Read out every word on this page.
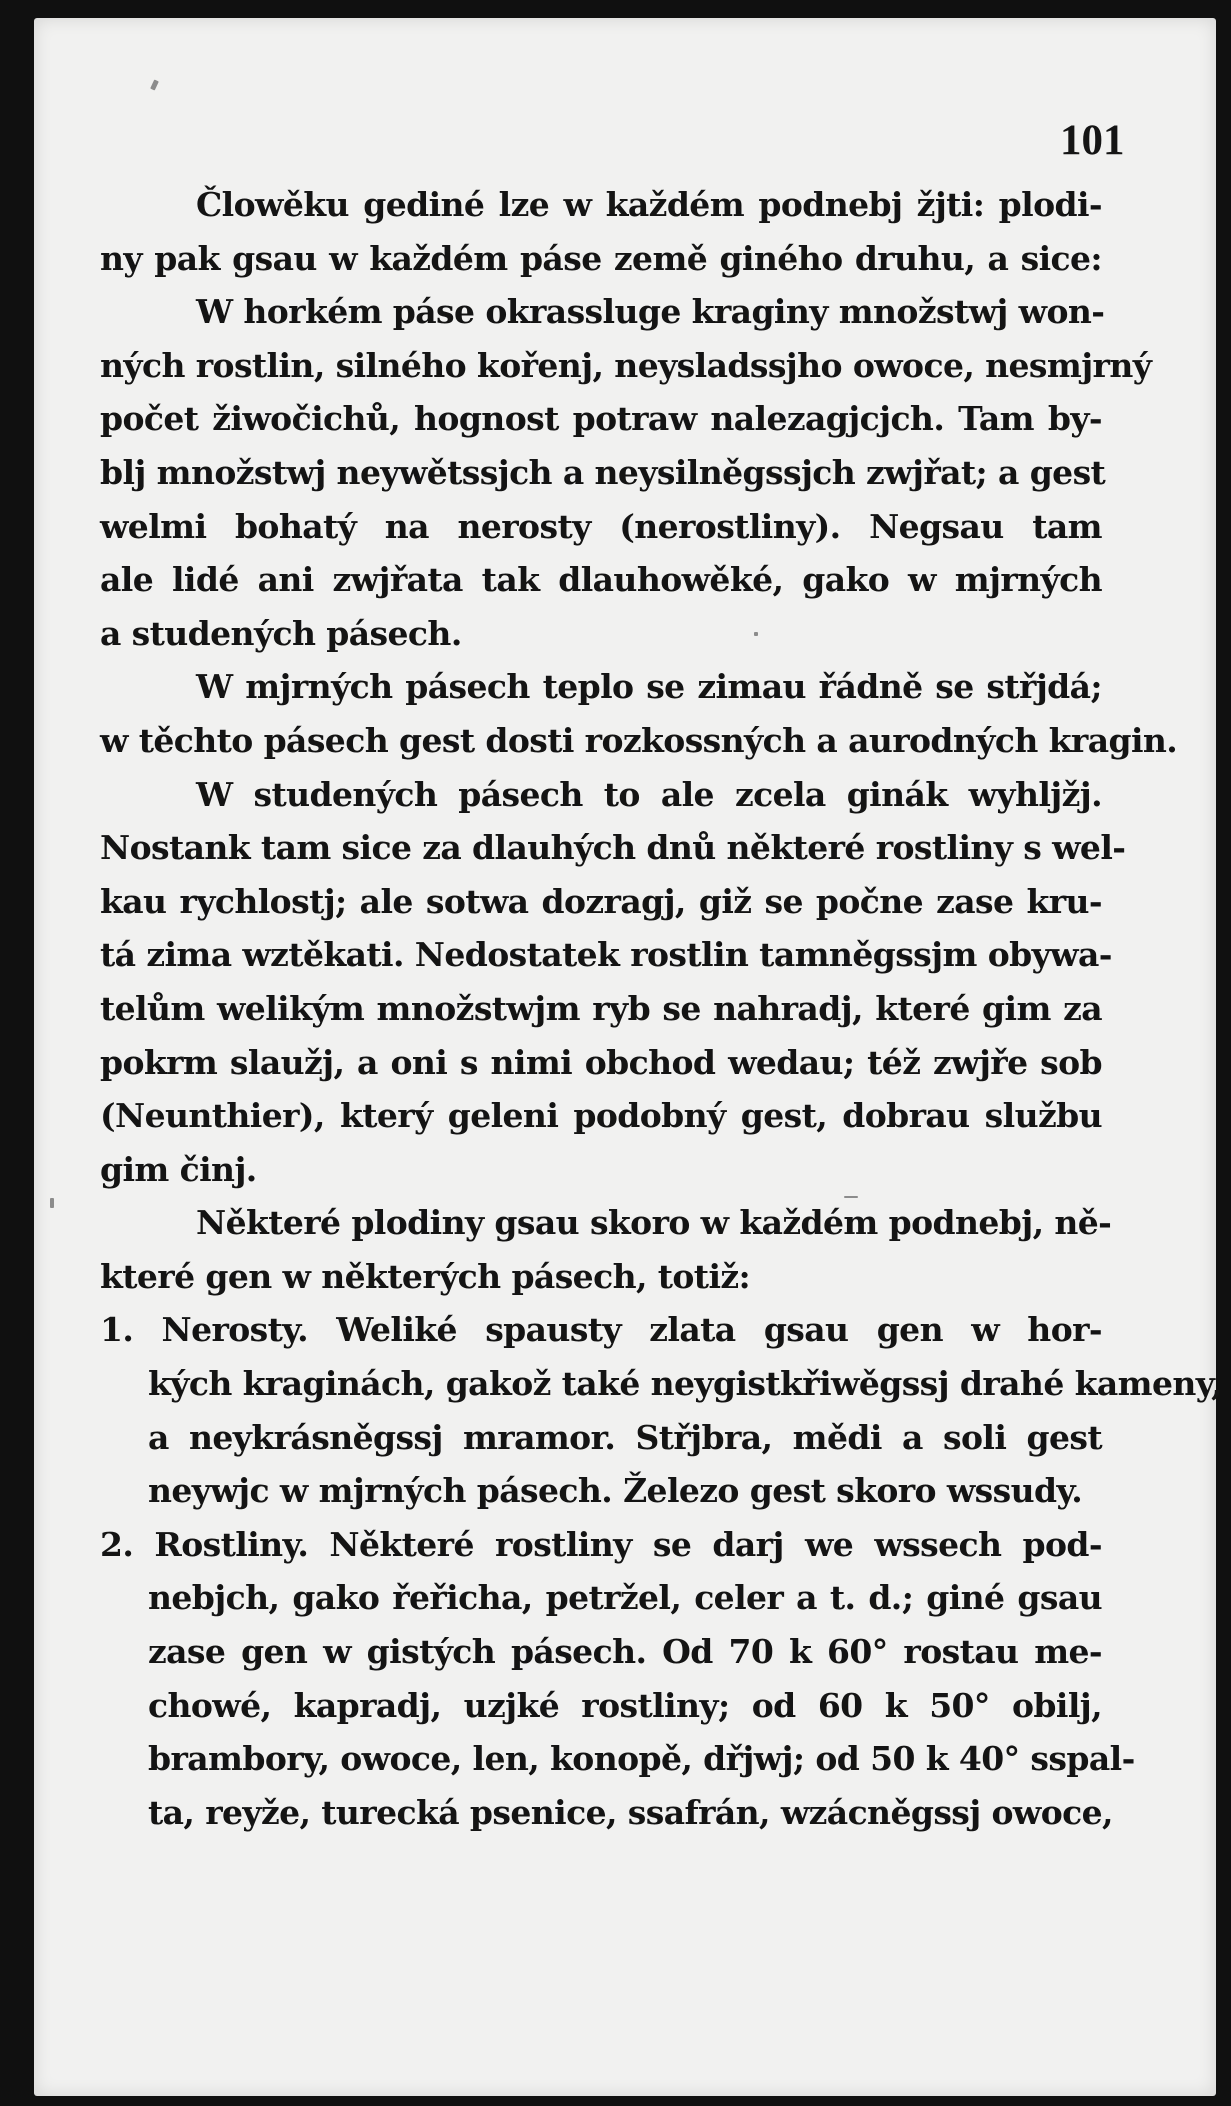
101
Člowěku gediné lze w každém podnebj žjti: plodi-
ny pak gsau w každém páse země giného druhu, a sice:
W horkém páse okrassluge kraginy množstwj won-
ných rostlin, silného kořenj, neysladssjho owoce, nesmjrný
počet žiwočichů, hognost potraw nalezagjcjch. Tam by-
blj množstwj neywětssjch a neysilněgssjch zwjřat; a gest
welmi bohatý na nerosty (nerostliny). Negsau tam
ale lidé ani zwjřata tak dlauhowěké, gako w mjrných
a studených pásech.
W mjrných pásech teplo se zimau řádně se střjdá;
w těchto pásech gest dosti rozkossných a aurodných kragin.
W studených pásech to ale zcela ginák wyhljžj.
Nostank tam sice za dlauhých dnů některé rostliny s wel-
kau rychlostj; ale sotwa dozragj, giž se počne zase kru-
tá zima wztěkati. Nedostatek rostlin tamněgssjm obywa-
telům welikým množstwjm ryb se nahradj, které gim za
pokrm slaužj, a oni s nimi obchod wedau; též zwjře sob
(Neunthier), který geleni podobný gest, dobrau službu
gim činj.
Některé plodiny gsau skoro w každém podnebj, ně-
které gen w některých pásech, totiž:
1. Nerosty. Weliké spausty zlata gsau gen w hor-
kých kraginách, gakož také neygistkřiwěgssj drahé kameny,
a neykrásněgssj mramor. Střjbra, mědi a soli gest
neywjc w mjrných pásech. Železo gest skoro wssudy.
2. Rostliny. Některé rostliny se darj we wssech pod-
nebjch, gako řeřicha, petržel, celer a t. d.; giné gsau
zase gen w gistých pásech. Od 70 k 60° rostau me-
chowé, kapradj, uzjké rostliny; od 60 k 50° obilj,
brambory, owoce, len, konopě, dřjwj; od 50 k 40° sspal-
ta, reyže, turecká psenice, ssafrán, wzácněgssj owoce,
